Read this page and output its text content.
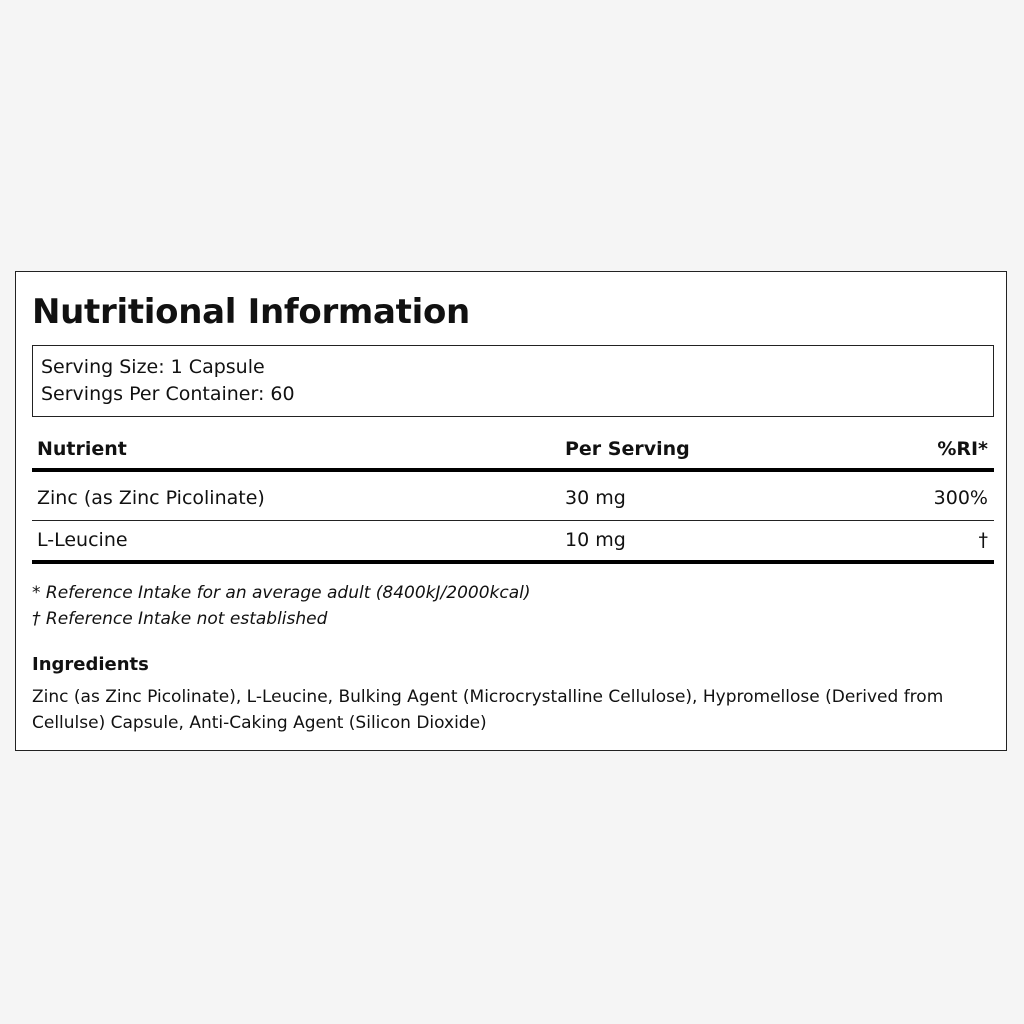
Nutritional Information
Serving Size: 1 Capsule
Servings Per Container: 60
Nutrient	Per Serving	%RI*
Zinc (as Zinc Picolinate)	30 mg	300%
L-Leucine	10 mg	†
* Reference Intake for an average adult (8400kJ/2000kcal)
† Reference Intake not established
Ingredients
Zinc (as Zinc Picolinate), L-Leucine, Bulking Agent (Microcrystalline Cellulose), Hypromellose (Derived from Cellulse) Capsule, Anti-Caking Agent (Silicon Dioxide)
